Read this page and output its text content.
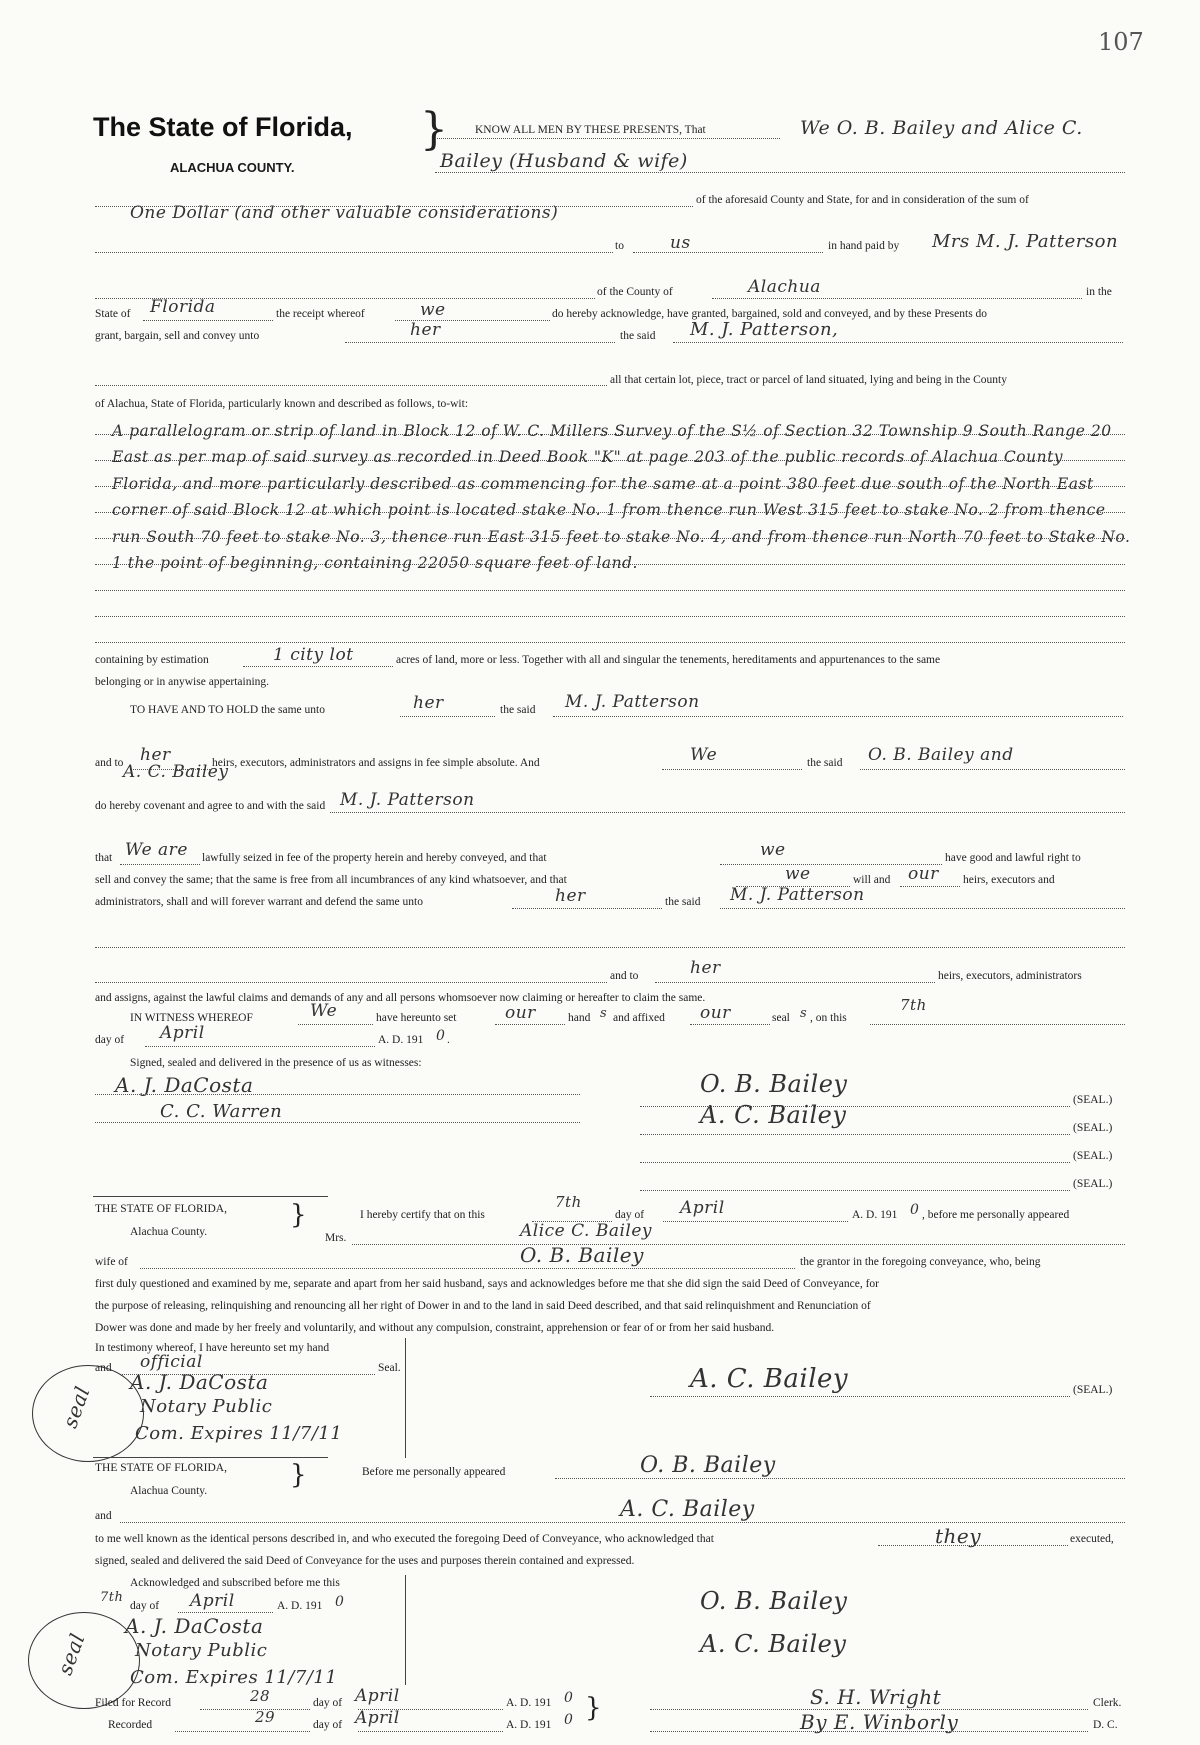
107
The State of Florida,
ALACHUA COUNTY.
} KNOW ALL MEN BY THESE PRESENTS, That	We O. B. Bailey and Alice C.
Bailey (Husband & wife)
of the aforesaid County and State, for and in consideration of the sum of
One Dollar (and other valuable considerations)
to	us	in hand paid by Mrs M. J. Patterson
of the County of	Alachua	in the
State of Florida	the receipt whereof	we	do hereby acknowledge, have granted, bargained, sold and conveyed, and by these Presents do
grant, bargain, sell and convey unto	her	the said M. J. Patterson,
all that certain lot, piece, tract or parcel of land situated, lying and being in the County
of Alachua, State of Florida, particularly known and described as follows, to-wit:
A parallelogram or strip of land in Block 12 of W. C. Millers Survey of the S½ of Section 32 Township 9 South Range 20 East as per map of said survey as recorded in Deed Book "K" at page 203 of the public records of Alachua County Florida, and more particularly described as commencing for the same at a point 380 feet due south of the North East corner of said Block 12 at which point is located stake No. 1 from thence run West 315 feet to stake No. 2 from thence run South 70 feet to stake No. 3, thence run East 315 feet to stake No. 4, and from thence run North 70 feet to Stake No. 1 the point of beginning, containing 22050 square feet of land.
containing by estimation	1 city lot	acres of land, more or less. Together with all and singular the tenements, hereditaments and appurtenances to the same
belonging or in anywise appertaining.
TO HAVE AND TO HOLD the same unto	her	the said M. J. Patterson
and to her	heirs, executors, administrators and assigns in fee simple absolute. And	We	the said O. B. Bailey and
A. C. Bailey
do hereby covenant and agree to and with the said M. J. Patterson
that We are lawfully seized in fee of the property herein and hereby conveyed, and that	we	have good and lawful right to
sell and convey the same; that the same is free from all incumbrances of any kind whatsoever, and that	we	will and our heirs, executors and
administrators, shall and will forever warrant and defend the same unto	her	the said M. J. Patterson
and to	her	heirs, executors, administrators
and assigns, against the lawful claims and demands of any and all persons whomsoever now claiming or hereafter to claim the same.
IN WITNESS WHEREOF	We	have hereunto set	our	hand s and affixed our	seal s , on this
7th
day of April	A. D. 191 0 .
Signed, sealed and delivered in the presence of us as witnesses:
A. J. DaCosta
C. C. Warren
O. B. Bailey
A. C. Bailey
(SEAL.)
(SEAL.)
(SEAL.)
(SEAL.)
THE STATE OF FLORIDA,
Alachua County.
}	I hereby certify that on this
7th
day of April	A. D. 191 0 , before me personally appeared
Mrs.	Alice C. Bailey
wife of	O. B. Bailey	the grantor in the foregoing conveyance, who, being
first duly questioned and examined by me, separate and apart from her said husband, says and acknowledges before me that she did sign the said Deed of Conveyance, for
the purpose of releasing, relinquishing and renouncing all her right of Dower in and to the land in said Deed described, and that said relinquishment and Renunciation of
Dower was done and made by her freely and voluntarily, and without any compulsion, constraint, apprehension or fear of or from her said husband.
In testimony whereof, I have hereunto set my hand
and official	Seal.
A. J. DaCosta
Notary Public
Com. Expires 11/7/11
seal
A. C. Bailey	(SEAL.)
THE STATE OF FLORIDA,
Alachua County.
}	Before me personally appeared	O. B. Bailey
and	A. C. Bailey
to me well known as the identical persons described in, and who executed the foregoing Deed of Conveyance, who acknowledged that	they	executed,
signed, sealed and delivered the said Deed of Conveyance for the uses and purposes therein contained and expressed.
Acknowledged and subscribed before me this
7th
day of April	A. D. 191 0
A. J. DaCosta
Notary Public
Com. Expires 11/7/11
seal
O. B. Bailey
A. C. Bailey
Filed for Record	28	day of April	A. D. 191 0
Recorded	29	day of April	A. D. 191 0 }	S. H. Wright	Clerk.
By E. Winborly	D. C.
